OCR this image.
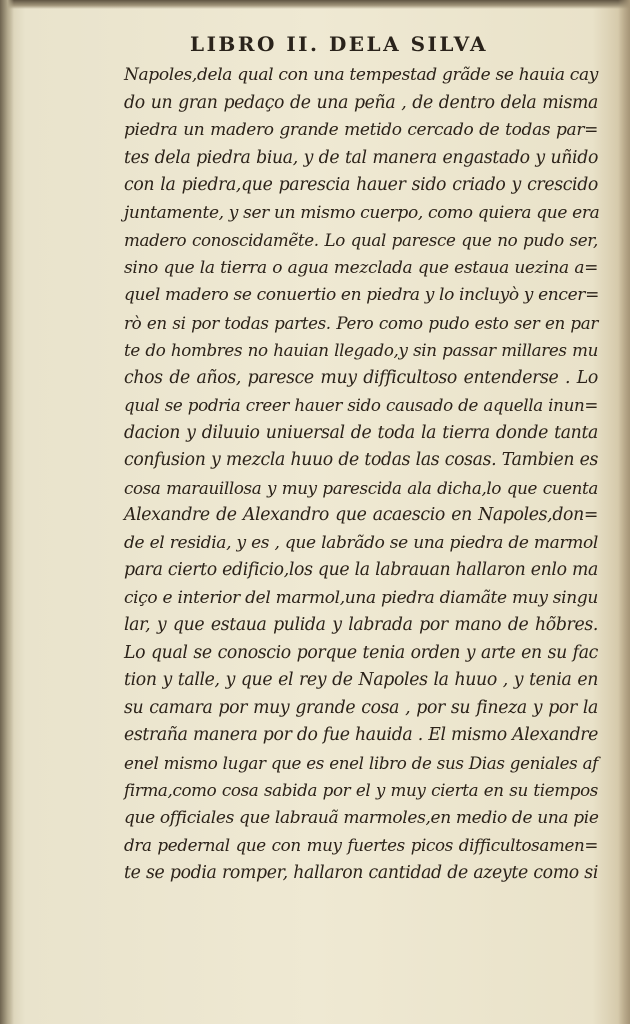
LIBRO II. DELA SILVA
Napoles,dela qual con una tempestad grãde se hauia cay
do un gran pedaço de una peña , de dentro dela misma
piedra un madero grande metido cercado de todas par=
tes dela piedra biua, y de tal manera engastado y uñido
con la piedra,que parescia hauer sido criado y crescido
juntamente, y ser un mismo cuerpo, como quiera que era
madero conoscidamẽte. Lo qual paresce que no pudo ser,
sino que la tierra o agua mezclada que estaua uezina a=
quel madero se conuertio en piedra y lo incluyò y encer=
rò en si por todas partes. Pero como pudo esto ser en par
te do hombres no hauian llegado,y sin passar millares mu
chos de años, paresce muy difficultoso entenderse . Lo
qual se podria creer hauer sido causado de aquella inun=
dacion y diluuio uniuersal de toda la tierra donde tanta
confusion y mezcla huuo de todas las cosas. Tambien es
cosa marauillosa y muy parescida ala dicha,lo que cuenta
Alexandre de Alexandro que acaescio en Napoles,don=
de el residia, y es , que labrãdo se una piedra de marmol
para cierto edificio,los que la labrauan hallaron enlo ma
ciço e interior del marmol,una piedra diamãte muy singu
lar, y que estaua pulida y labrada por mano de hõbres.
Lo qual se conoscio porque tenia orden y arte en su fac
tion y talle, y que el rey de Napoles la huuo , y tenia en
su camara por muy grande cosa , por su fineza y por la
estraña manera por do fue hauida . El mismo Alexandre
enel mismo lugar que es enel libro de sus Dias geniales af
firma,como cosa sabida por el y muy cierta en su tiempos
que officiales que labrauã marmoles,en medio de una pie
dra pedernal que con muy fuertes picos difficultosamen=
te se podia romper, hallaron cantidad de azeyte como si
